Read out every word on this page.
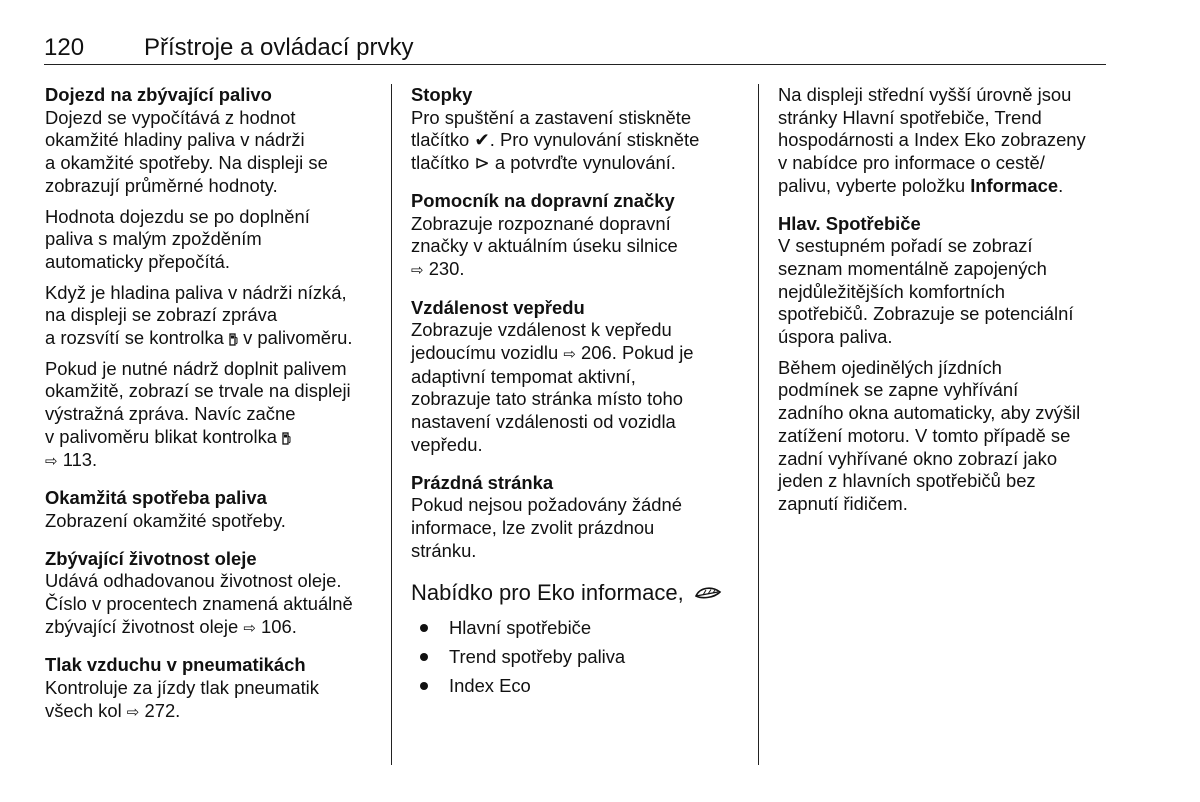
120 Přístroje a ovládací prvky
Dojezd na zbývající palivo

Dojezd se vypočítává z hodnot
okamžité hladiny paliva v nádrži
a okamžité spotřeby. Na displeji se
zobrazují průměrné hodnoty.

Hodnota dojezdu se po doplnění
paliva s malým zpožděním
automaticky přepočítá.

Když je hladina paliva v nádrži nízká,
na displeji se zobrazí zpráva
a rozsvítí se kontrolka  v palivoměru.

Pokud je nutné nádrž doplnit palivem
okamžitě, zobrazí se trvale na displeji
výstražná zpráva. Navíc začne
v palivoměru blikat kontrolka
⇨ 113.

Okamžitá spotřeba paliva

Zobrazení okamžité spotřeby.

Zbývající životnost oleje

Udává odhadovanou životnost oleje.
Číslo v procentech znamená aktuálně
zbývající životnost oleje ⇨ 106.

Tlak vzduchu v pneumatikách

Kontroluje za jízdy tlak pneumatik
všech kol ⇨ 272.

Stopky

Pro spuštění a zastavení stiskněte
tlačítko ✔. Pro vynulování stiskněte
tlačítko ⊳ a potvrďte vynulování.

Pomocník na dopravní značky

Zobrazuje rozpoznané dopravní
značky v aktuálním úseku silnice
⇨ 230.

Vzdálenost vepředu

Zobrazuje vzdálenost k vepředu
jedoucímu vozidlu ⇨ 206. Pokud je
adaptivní tempomat aktivní,
zobrazuje tato stránka místo toho
nastavení vzdálenosti od vozidla
vepředu.

Prázdná stránka

Pokud nejsou požadovány žádné
informace, lze zvolit prázdnou
stránku.

Nabídko pro Eko informace,
Hlavní spotřebiče
Trend spotřeby paliva
Index Eco

Na displeji střední vyšší úrovně jsou
stránky Hlavní spotřebiče, Trend
hospodárnosti a Index Eko zobrazeny
v nabídce pro informace o cestě/
palivu, vyberte položku Informace.

Hlav. Spotřebiče

V sestupném pořadí se zobrazí
seznam momentálně zapojených
nejdůležitějších komfortních
spotřebičů. Zobrazuje se potenciální
úspora paliva.

Během ojedinělých jízdních
podmínek se zapne vyhřívání
zadního okna automaticky, aby zvýšil
zatížení motoru. V tomto případě se
zadní vyhřívané okno zobrazí jako
jeden z hlavních spotřebičů bez
zapnutí řidičem.
